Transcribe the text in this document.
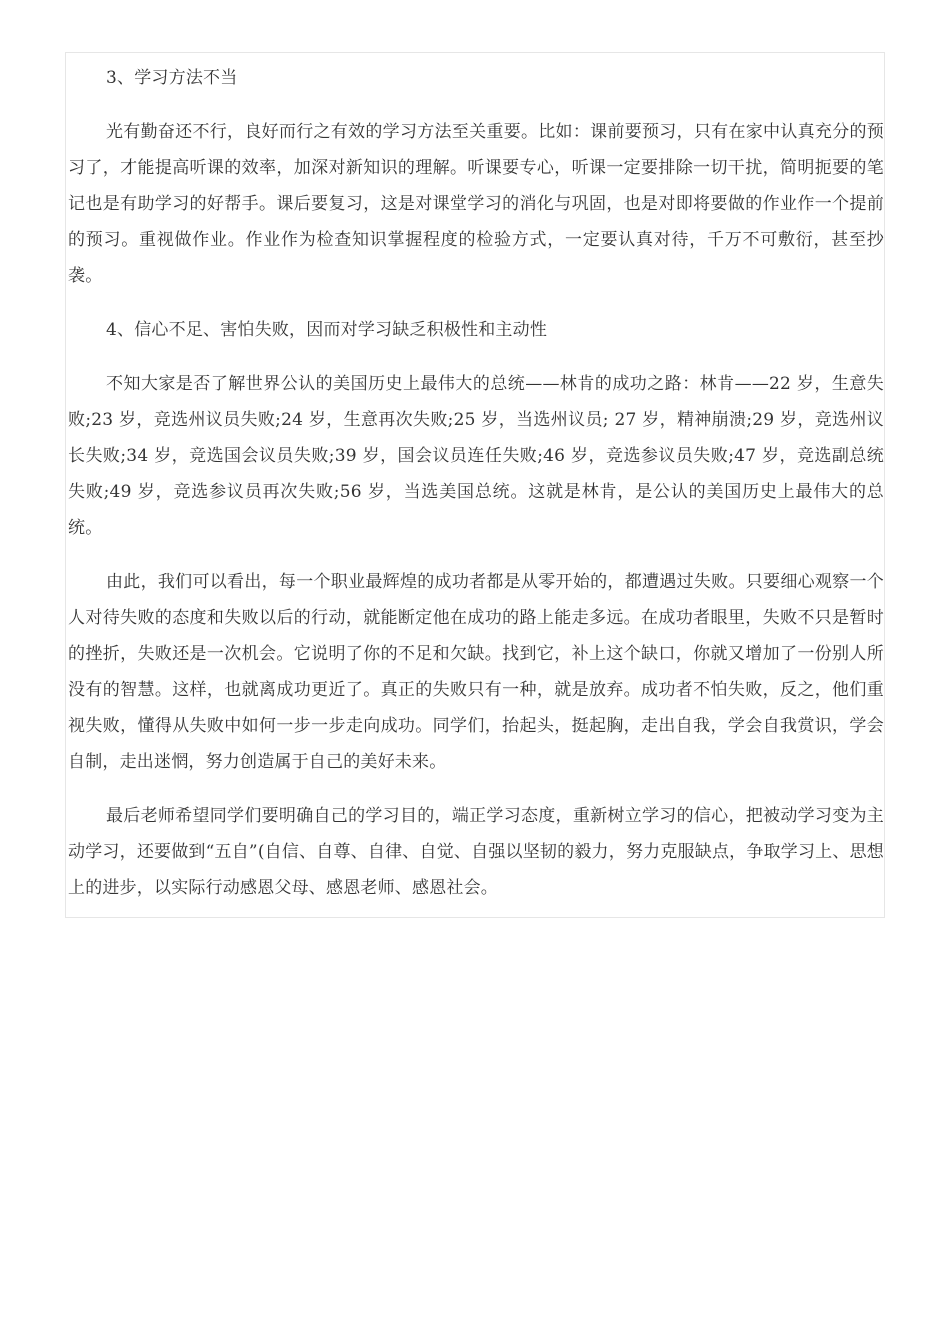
3、学习方法不当

光有勤奋还不行，良好而行之有效的学习方法至关重要。比如：课前要预习，只有在家中认真充分的预习了，才能提高听课的效率，加深对新知识的理解。听课要专心，听课一定要排除一切干扰，简明扼要的笔记也是有助学习的好帮手。课后要复习，这是对课堂学习的消化与巩固，也是对即将要做的作业作一个提前的预习。重视做作业。作业作为检查知识掌握程度的检验方式，一定要认真对待，千万不可敷衍，甚至抄袭。

4、信心不足、害怕失败，因而对学习缺乏积极性和主动性

不知大家是否了解世界公认的美国历史上最伟大的总统——林肯的成功之路：林肯——22 岁，生意失败;23 岁，竞选州议员失败;24 岁，生意再次失败;25 岁，当选州议员; 27 岁，精神崩溃;29 岁，竞选州议长失败;34 岁，竞选国会议员失败;39 岁，国会议员连任失败;46 岁，竞选参议员失败;47 岁，竞选副总统失败;49 岁，竞选参议员再次失败;56 岁，当选美国总统。这就是林肯，是公认的美国历史上最伟大的总统。

由此，我们可以看出，每一个职业最辉煌的成功者都是从零开始的，都遭遇过失败。只要细心观察一个人对待失败的态度和失败以后的行动，就能断定他在成功的路上能走多远。在成功者眼里，失败不只是暂时的挫折，失败还是一次机会。它说明了你的不足和欠缺。找到它，补上这个缺口，你就又增加了一份别人所没有的智慧。这样，也就离成功更近了。真正的失败只有一种，就是放弃。成功者不怕失败，反之，他们重视失败，懂得从失败中如何一步一步走向成功。同学们，抬起头，挺起胸，走出自我，学会自我赏识，学会自制，走出迷惘，努力创造属于自己的美好未来。

最后老师希望同学们要明确自己的学习目的，端正学习态度，重新树立学习的信心，把被动学习变为主动学习，还要做到“五自”(自信、自尊、自律、自觉、自强以坚韧的毅力，努力克服缺点，争取学习上、思想上的进步，以实际行动感恩父母、感恩老师、感恩社会。
